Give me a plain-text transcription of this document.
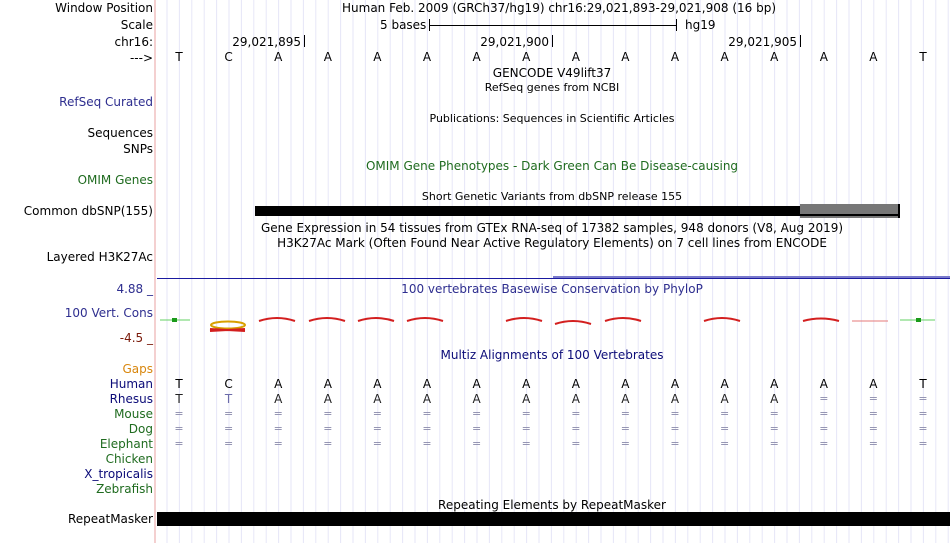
Window Position	Human Feb. 2009 (GRCh37/hg19) chr16:29,021,893-29,021,908 (16 bp)
Scale	5 bases	hg19
chr16:	29,021,895	29,021,900	29,021,905
---> T	C	A	A	A	A	A	A	A	A	A	A	A	A	A	T
GENCODE V49lift37
RefSeq genes from NCBI
RefSeq Curated
Sequences
Publications: Sequences in Scientific Articles
SNPs
OMIM Gene Phenotypes - Dark Green Can Be Disease-causing
OMIM Genes
Short Genetic Variants from dbSNP release 155
Common dbSNP(155)
Gene Expression in 54 tissues from GTEx RNA-seq of 17382 samples, 948 donors (V8, Aug 2019)
H3K27Ac Mark (Often Found Near Active Regulatory Elements) on 7 cell lines from ENCODE
Layered H3K27Ac
100 vertebrates Basewise Conservation by PhyloP
4.88 _
100 Vert. Cons
-4.5 _
Multiz Alignments of 100 Vertebrates
Gaps
Human T	C	A	A	A	A	A	A	A	A	A	A	A	A	A	T
Rhesus T	T	A	A	A	A	A	A	A	A	A	A	A	=	=	=
Mouse =	=	=	=	=	=	=	=	=	=	=	=	=	=	=	=
Dog =	=	=	=	=	=	=	=	=	=	=	=	=	=	=	=
Elephant =	=	=	=	=	=	=	=	=	=	=	=	=	=	=	=
Chicken
X_tropicalis
Zebrafish
Repeating Elements by RepeatMasker
RepeatMasker
